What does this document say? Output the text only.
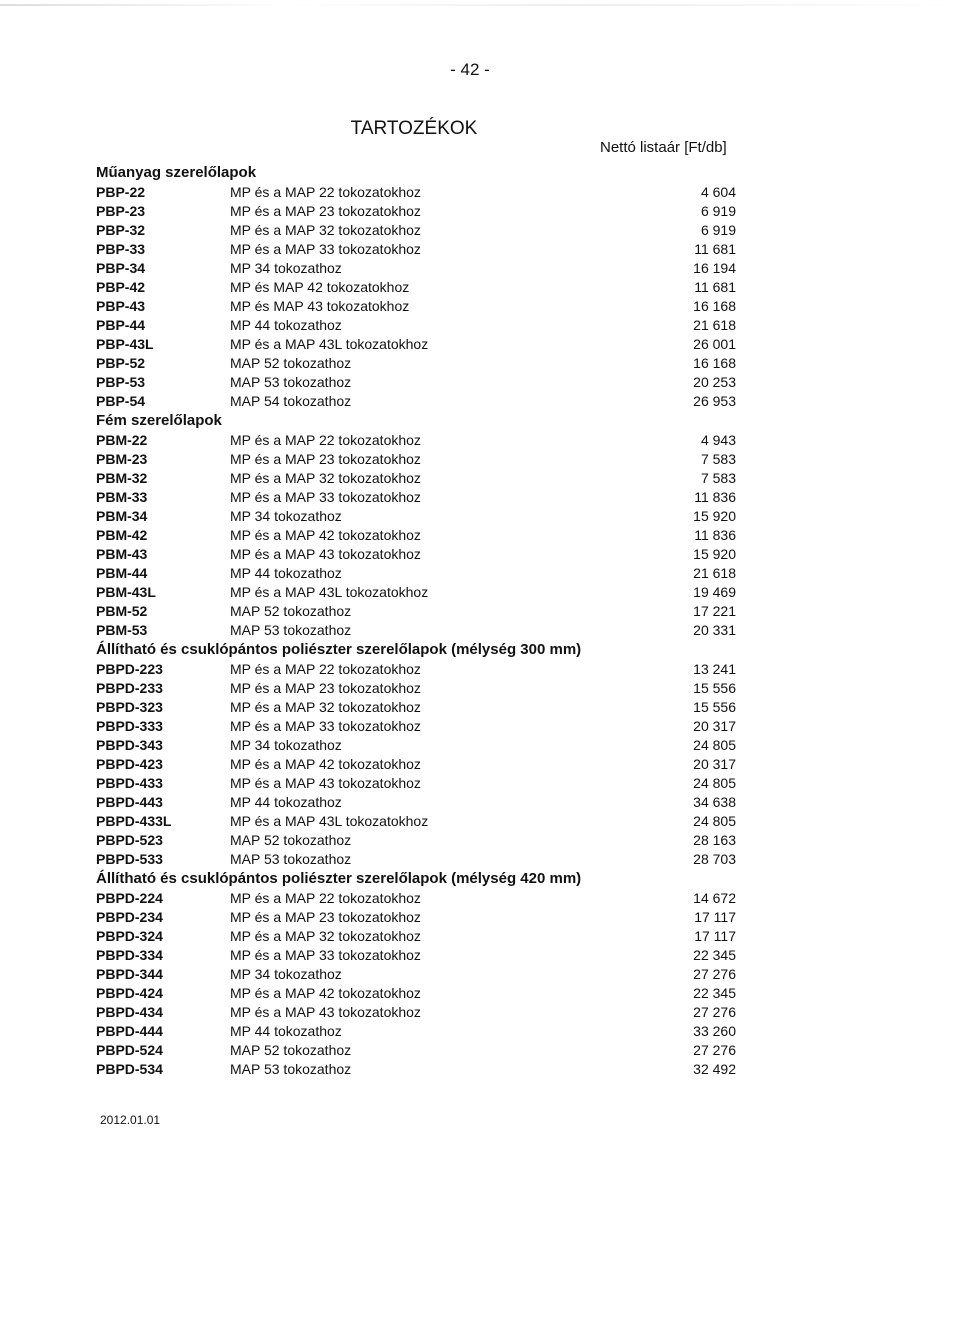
- 42 -
TARTOZÉKOK
Nettó listaár [Ft/db]
Műanyag szerelőlapok
PBP-22	MP és a MAP 22 tokozatokhoz	4 604
PBP-23	MP és a MAP 23 tokozatokhoz	6 919
PBP-32	MP és a MAP 32 tokozatokhoz	6 919
PBP-33	MP és a MAP 33 tokozatokhoz	11 681
PBP-34	MP 34 tokozathoz	16 194
PBP-42	MP és MAP 42 tokozatokhoz	11 681
PBP-43	MP és MAP 43 tokozatokhoz	16 168
PBP-44	MP 44 tokozathoz	21 618
PBP-43L	MP és a MAP 43L tokozatokhoz	26 001
PBP-52	MAP 52 tokozathoz	16 168
PBP-53	MAP 53 tokozathoz	20 253
PBP-54	MAP 54 tokozathoz	26 953
Fém szerelőlapok
PBM-22	MP és a MAP 22 tokozatokhoz	4 943
PBM-23	MP és a MAP 23 tokozatokhoz	7 583
PBM-32	MP és a MAP 32 tokozatokhoz	7 583
PBM-33	MP és a MAP 33 tokozatokhoz	11 836
PBM-34	MP 34 tokozathoz	15 920
PBM-42	MP és a MAP 42 tokozatokhoz	11 836
PBM-43	MP és a MAP 43 tokozatokhoz	15 920
PBM-44	MP 44 tokozathoz	21 618
PBM-43L	MP és a MAP 43L tokozatokhoz	19 469
PBM-52	MAP 52 tokozathoz	17 221
PBM-53	MAP 53 tokozathoz	20 331
Állítható és csuklópántos poliészter szerelőlapok (mélység 300 mm)
PBPD-223	MP és a MAP 22 tokozatokhoz	13 241
PBPD-233	MP és a MAP 23 tokozatokhoz	15 556
PBPD-323	MP és a MAP 32 tokozatokhoz	15 556
PBPD-333	MP és a MAP 33 tokozatokhoz	20 317
PBPD-343	MP 34 tokozathoz	24 805
PBPD-423	MP és a MAP 42 tokozatokhoz	20 317
PBPD-433	MP és a MAP 43 tokozatokhoz	24 805
PBPD-443	MP 44 tokozathoz	34 638
PBPD-433L	MP és a MAP 43L tokozatokhoz	24 805
PBPD-523	MAP 52 tokozathoz	28 163
PBPD-533	MAP 53 tokozathoz	28 703
Állítható és csuklópántos poliészter szerelőlapok (mélység 420 mm)
PBPD-224	MP és a MAP 22 tokozatokhoz	14 672
PBPD-234	MP és a MAP 23 tokozatokhoz	17 117
PBPD-324	MP és a MAP 32 tokozatokhoz	17 117
PBPD-334	MP és a MAP 33 tokozatokhoz	22 345
PBPD-344	MP 34 tokozathoz	27 276
PBPD-424	MP és a MAP 42 tokozatokhoz	22 345
PBPD-434	MP és a MAP 43 tokozatokhoz	27 276
PBPD-444	MP 44 tokozathoz	33 260
PBPD-524	MAP 52 tokozathoz	27 276
PBPD-534	MAP 53 tokozathoz	32 492
2012.01.01
